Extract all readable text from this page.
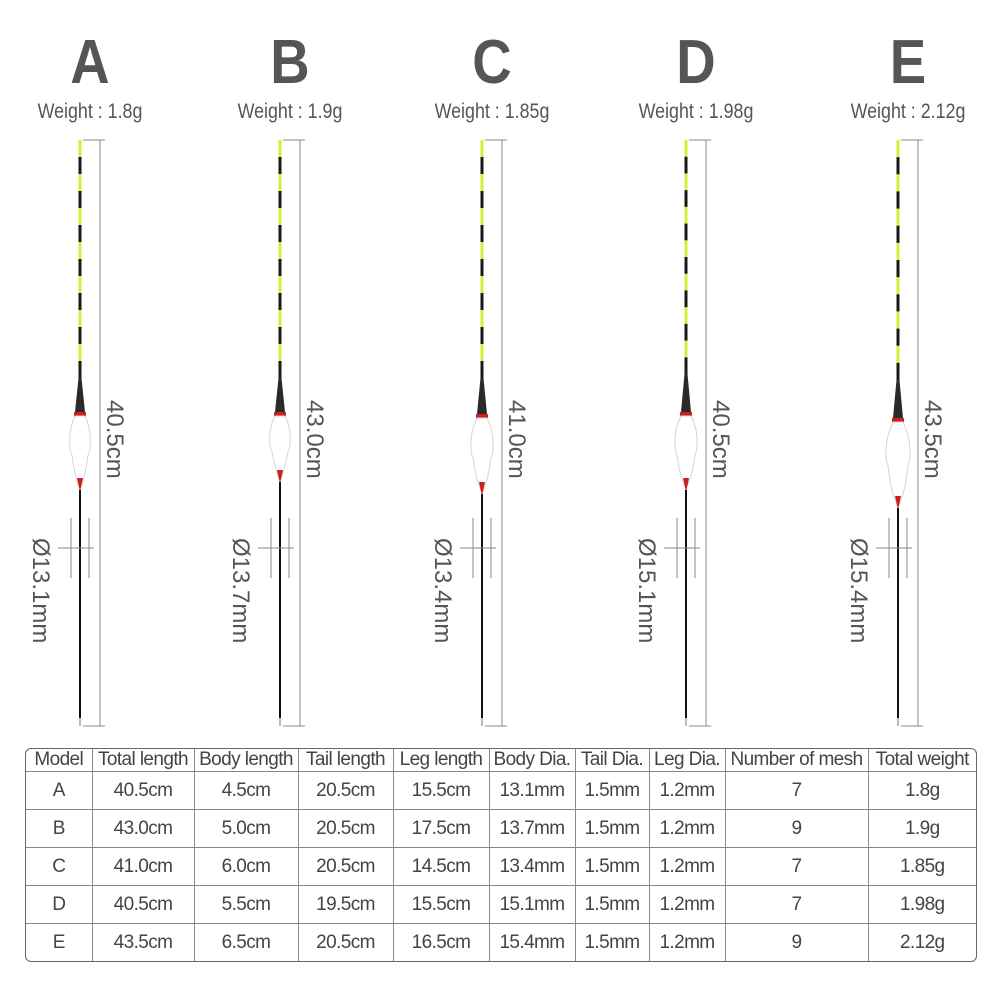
A
Weight : 1.8g
40.5cm
Ø13.1mm
B
Weight : 1.9g
43.0cm
Ø13.7mm
C
Weight : 1.85g
41.0cm
Ø13.4mm
D
Weight : 1.98g
40.5cm
Ø15.1mm
E
Weight : 2.12g
43.5cm
Ø15.4mm
Model	Total length	Body length	Tail length	Leg length	Body Dia.	Tail Dia.	Leg Dia.	Number of mesh	Total weight
A	40.5cm	4.5cm	20.5cm	15.5cm	13.1mm	1.5mm	1.2mm	7	1.8g
B	43.0cm	5.0cm	20.5cm	17.5cm	13.7mm	1.5mm	1.2mm	9	1.9g
C	41.0cm	6.0cm	20.5cm	14.5cm	13.4mm	1.5mm	1.2mm	7	1.85g
D	40.5cm	5.5cm	19.5cm	15.5cm	15.1mm	1.5mm	1.2mm	7	1.98g
E	43.5cm	6.5cm	20.5cm	16.5cm	15.4mm	1.5mm	1.2mm	9	2.12g
